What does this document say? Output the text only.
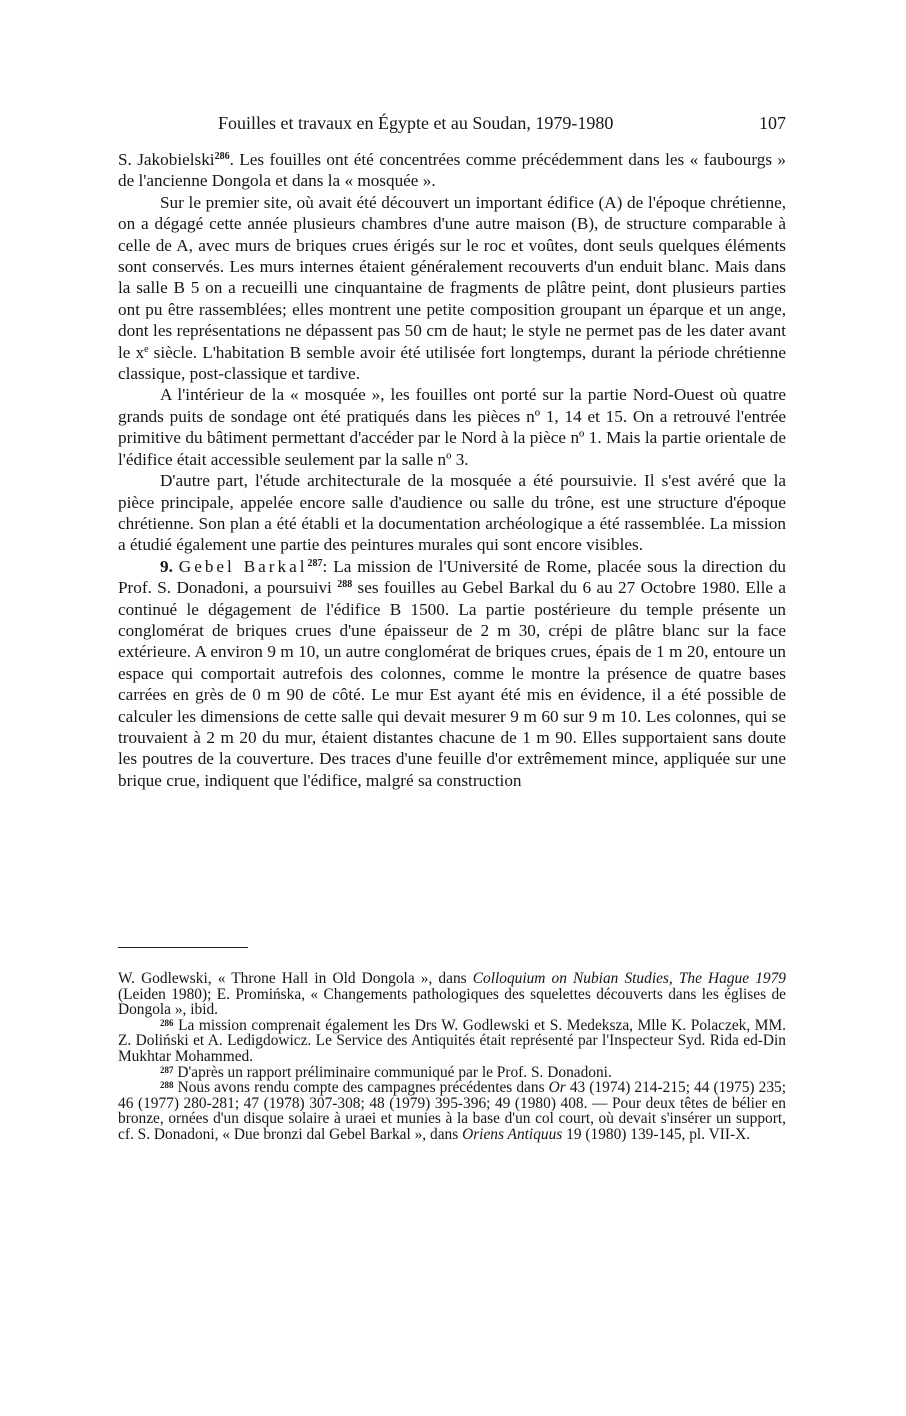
Fouilles et travaux en Égypte et au Soudan, 1979-1980	107

S. Jakobielski$^{286}$. Les fouilles ont été concentrées comme précédemment dans les « faubourgs » de l'ancienne Dongola et dans la « mosquée ».

Sur le premier site, où avait été découvert un important édifice (A) de l'époque chrétienne, on a dégagé cette année plusieurs chambres d'une autre maison (B), de structure comparable à celle de A, avec murs de briques crues érigés sur le roc et voûtes, dont seuls quelques éléments sont conservés. Les murs internes étaient généralement recouverts d'un enduit blanc. Mais dans la salle B 5 on a recueilli une cinquantaine de fragments de plâtre peint, dont plusieurs parties ont pu être rassemblées; elles montrent une petite composition groupant un éparque et un ange, dont les représentations ne dépassent pas 50 cm de haut; le style ne permet pas de les dater avant le $x^e$ siècle. L'habitation B semble avoir été utilisée fort longtemps, durant la période chrétienne classique, post-classique et tardive.

A l'intérieur de la « mosquée », les fouilles ont porté sur la partie Nord-Ouest où quatre grands puits de sondage ont été pratiqués dans les pièces nº 1, 14 et 15. On a retrouvé l'entrée primitive du bâtiment permettant d'accéder par le Nord à la pièce nº 1. Mais la partie orientale de l'édifice était accessible seulement par la salle nº 3.

D'autre part, l'étude architecturale de la mosquée a été poursuivie. Il s'est avéré que la pièce principale, appelée encore salle d'audience ou salle du trône, est une structure d'époque chrétienne. Son plan a été établi et la documentation archéologique a été rassemblée. La mission a étudié également une partie des peintures murales qui sont encore visibles.

9. Gebel Barkal$^{287}$: La mission de l'Université de Rome, placée sous la direction du Prof. S. Donadoni, a poursuivi $^{288}$ ses fouilles au Gebel Barkal du 6 au 27 Octobre 1980. Elle a continué le dégagement de l'édifice B 1500. La partie postérieure du temple présente un conglomérat de briques crues d'une épaisseur de 2 m 30, crépi de plâtre blanc sur la face extérieure. A environ 9 m 10, un autre conglomérat de briques crues, épais de 1 m 20, entoure un espace qui comportait autrefois des colonnes, comme le montre la présence de quatre bases carrées en grès de 0 m 90 de côté. Le mur Est ayant été mis en évidence, il a été possible de calculer les dimensions de cette salle qui devait mesurer 9 m 60 sur 9 m 10. Les colonnes, qui se trouvaient à 2 m 20 du mur, étaient distantes chacune de 1 m 90. Elles supportaient sans doute les poutres de la couverture. Des traces d'une feuille d'or extrêmement mince, appliquée sur une brique crue, indiquent que l'édifice, malgré sa construction

W. Godlewski, « Throne Hall in Old Dongola », dans Colloquium on Nubian Studies, The Hague 1979 (Leiden 1980); E. Promińska, « Changements pathologiques des squelettes découverts dans les églises de Dongola », ibid.

$^{286}$ La mission comprenait également les Drs W. Godlewski et S. Medeksza, Mlle K. Polaczek, MM. Z. Doliński et A. Ledigdowicz. Le Service des Antiquités était représenté par l'Inspecteur Syd. Rida ed-Din Mukhtar Mohammed.

$^{287}$ D'après un rapport préliminaire communiqué par le Prof. S. Donadoni.

$^{288}$ Nous avons rendu compte des campagnes précédentes dans Or 43 (1974) 214-215; 44 (1975) 235; 46 (1977) 280-281; 47 (1978) 307-308; 48 (1979) 395-396; 49 (1980) 408. — Pour deux têtes de bélier en bronze, ornées d'un disque solaire à uraei et munies à la base d'un col court, où devait s'insérer un support, cf. S. Donadoni, « Due bronzi dal Gebel Barkal », dans Oriens Antiquus 19 (1980) 139-145, pl. VII-X.
